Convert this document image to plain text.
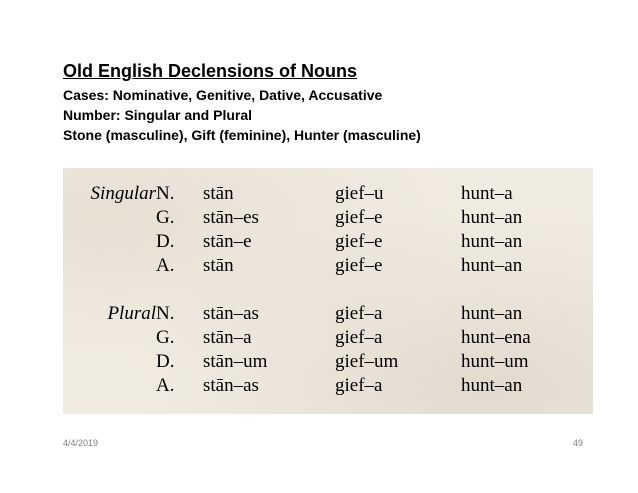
Old English Declensions of Nouns
Cases: Nominative, Genitive, Dative, Accusative
Number: Singular and Plural
Stone (masculine), Gift (feminine), Hunter (masculine)
Singular N. stān	gief–u	hunt–a
G. stān–es	gief–e	hunt–an
D. stān–e	gief–e	hunt–an
A. stān	gief–e	hunt–an
Plural N. stān–as	gief–a	hunt–an
G. stān–a	gief–a	hunt–ena
D. stān–um	gief–um	hunt–um
A. stān–as	gief–a	hunt–an
4/4/2019	49
